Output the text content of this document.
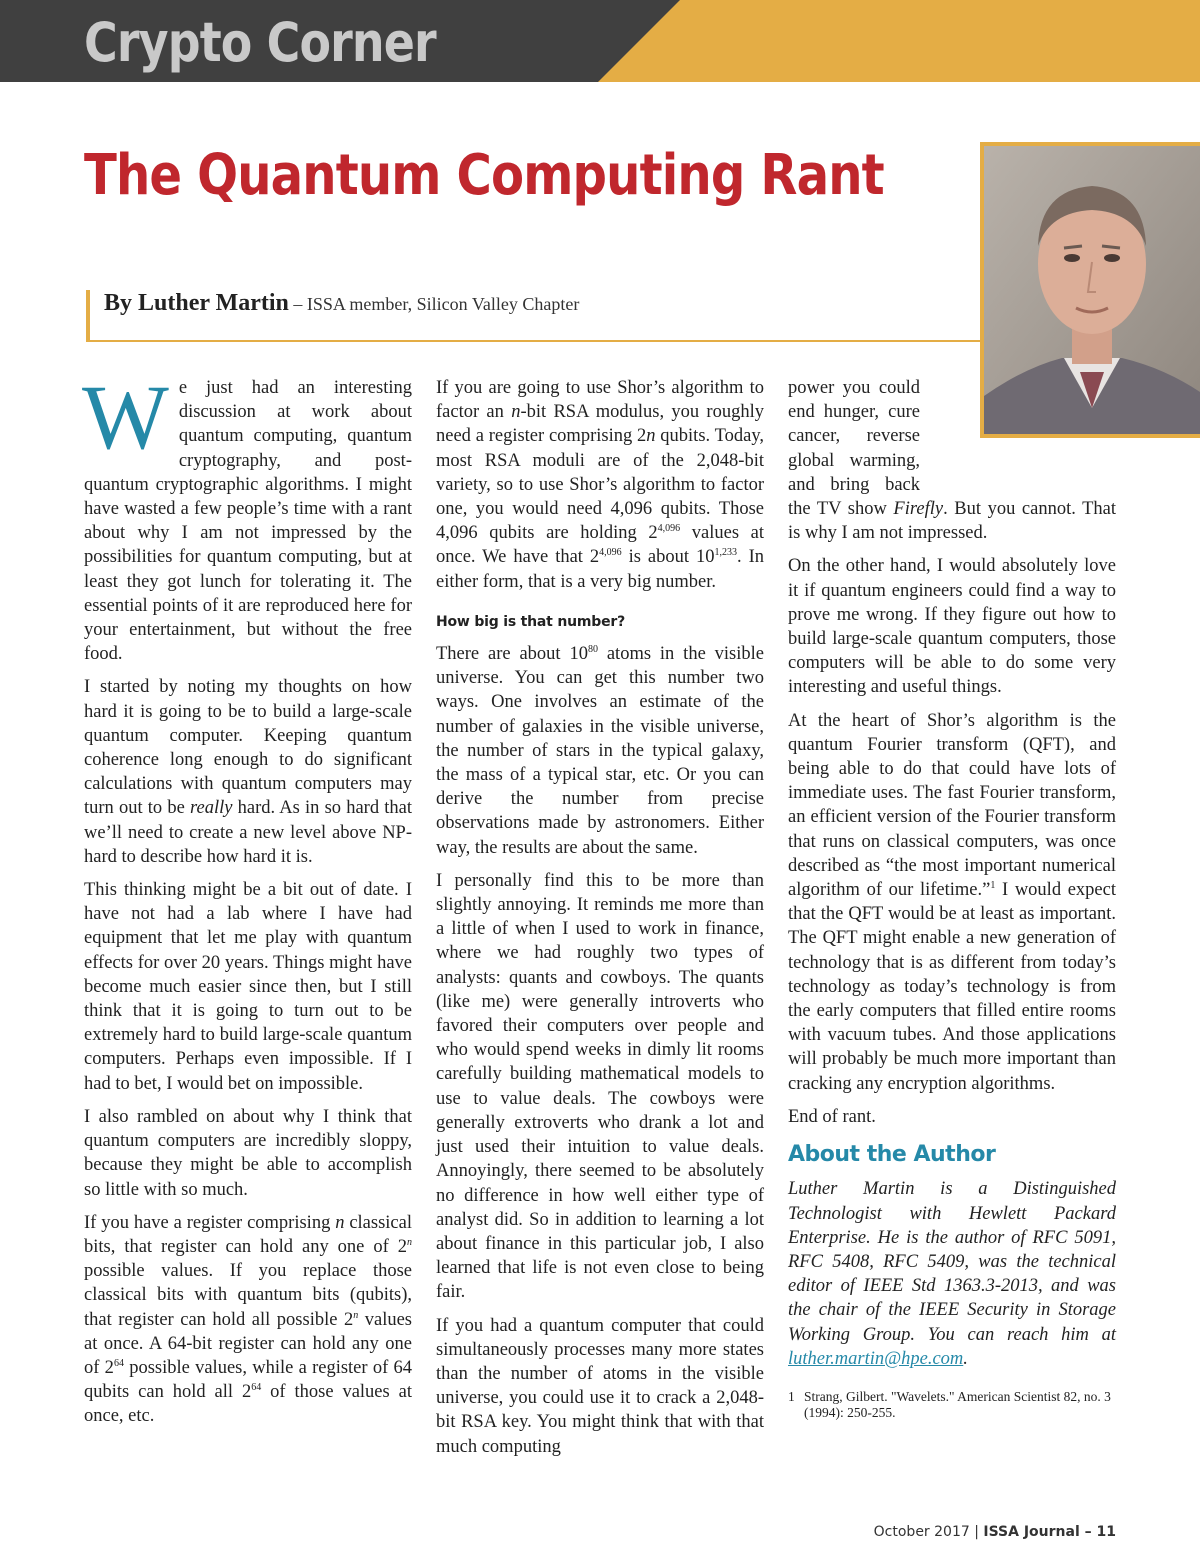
Crypto Corner
The Quantum Computing Rant
By Luther Martin – ISSA member, Silicon Valley Chapter

We just had an interesting discussion at work about quantum computing, quantum cryptography, and post-quantum cryptographic algorithms. I might have wasted a few people’s time with a rant about why I am not impressed by the possibilities for quantum computing, but at least they got lunch for tolerating it. The essential points of it are reproduced here for your entertainment, but without the free food.

I started by noting my thoughts on how hard it is going to be to build a large-scale quantum computer. Keeping quantum coherence long enough to do significant calculations with quantum computers may turn out to be really hard. As in so hard that we’ll need to create a new level above NP-hard to describe how hard it is.

This thinking might be a bit out of date. I have not had a lab where I have had equipment that let me play with quantum effects for over 20 years. Things might have become much easier since then, but I still think that it is going to turn out to be extremely hard to build large-scale quantum computers. Perhaps even impossible. If I had to bet, I would bet on impossible.

I also rambled on about why I think that quantum computers are incredibly sloppy, because they might be able to accomplish so little with so much.

If you have a register comprising n classical bits, that register can hold any one of 2$^n$ possible values. If you replace those classical bits with quantum bits (qubits), that register can hold all possible 2$^n$ values at once. A 64-bit register can hold any one of $2^{64}$ possible values, while a register of 64 qubits can hold all $2^{64}$ of those values at once, etc.

If you are going to use Shor’s algorithm to factor an n-bit RSA modulus, you roughly need a register comprising 2n qubits. Today, most RSA moduli are of the 2,048-bit variety, so to use Shor’s algorithm to factor one, you would need 4,096 qubits. Those 4,096 qubits are holding 2$^{4,096}$ values at once. We have that 2$^{4,096}$ is about 10$^{1,233}$. In either form, that is a very big number.

How big is that number?

There are about $10^{80}$ atoms in the visible universe. You can get this number two ways. One involves an estimate of the number of galaxies in the visible universe, the number of stars in the typical galaxy, the mass of a typical star, etc. Or you can derive the number from precise observations made by astronomers. Either way, the results are about the same.

I personally find this to be more than slightly annoying. It reminds me more than a little of when I used to work in finance, where we had roughly two types of analysts: quants and cowboys. The quants (like me) were generally introverts who favored their computers over people and who would spend weeks in dimly lit rooms carefully building mathematical models to use to value deals. The cowboys were generally extroverts who drank a lot and just used their intuition to value deals. Annoyingly, there seemed to be absolutely no difference in how well either type of analyst did. So in addition to learning a lot about finance in this particular job, I also learned that life is not even close to being fair.

If you had a quantum computer that could simultaneously processes many more states than the number of atoms in the visible universe, you could use it to crack a 2,048-bit RSA key. You might think that with that much computing

power you could end hunger, cure cancer, reverse global warming, and bring back the TV show Firefly. But you cannot. That is why I am not impressed.

On the other hand, I would absolutely love it if quantum engineers could find a way to prove me wrong. If they figure out how to build large-scale quantum computers, those computers will be able to do some very interesting and useful things.

At the heart of Shor’s algorithm is the quantum Fourier transform (QFT), and being able to do that could have lots of immediate uses. The fast Fourier transform, an efficient version of the Fourier transform that runs on classical computers, was once described as “the most important numerical algorithm of our lifetime.”$^1$ I would expect that the QFT would be at least as important. The QFT might enable a new generation of technology that is as different from today’s technology as today’s technology is from the early computers that filled entire rooms with vacuum tubes. And those applications will probably be much more important than cracking any encryption algorithms.

End of rant.

About the Author

Luther Martin is a Distinguished Technologist with Hewlett Packard Enterprise. He is the author of RFC 5091, RFC 5408, RFC 5409, was the technical editor of IEEE Std 1363.3-2013, and was the chair of the IEEE Security in Storage Working Group. You can reach him at luther.martin@hpe.com.

1 Strang, Gilbert. "Wavelets." American Scientist 82, no. 3 (1994): 250-255.
October 2017 | ISSA Journal – 11
